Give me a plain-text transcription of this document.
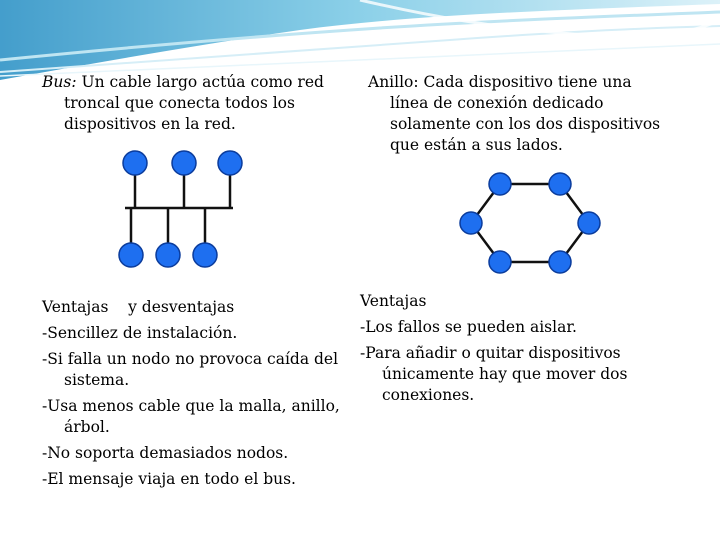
Bus: Un cable largo actúa como red troncal que conecta todos los dispositivos en la red.

Anillo: Cada dispositivo tiene una línea de conexión dedicado solamente con los dos dispositivos que están a sus lados.

Ventajas    y desventajas

-Sencillez de instalación.

-Si falla un nodo no provoca caída del sistema.

-Usa menos cable que la malla, anillo, árbol.

-No soporta demasiados nodos.

-El mensaje viaja en todo el bus.

Ventajas

-Los fallos se pueden aislar.

-Para añadir o quitar dispositivos únicamente hay que mover dos conexiones.
